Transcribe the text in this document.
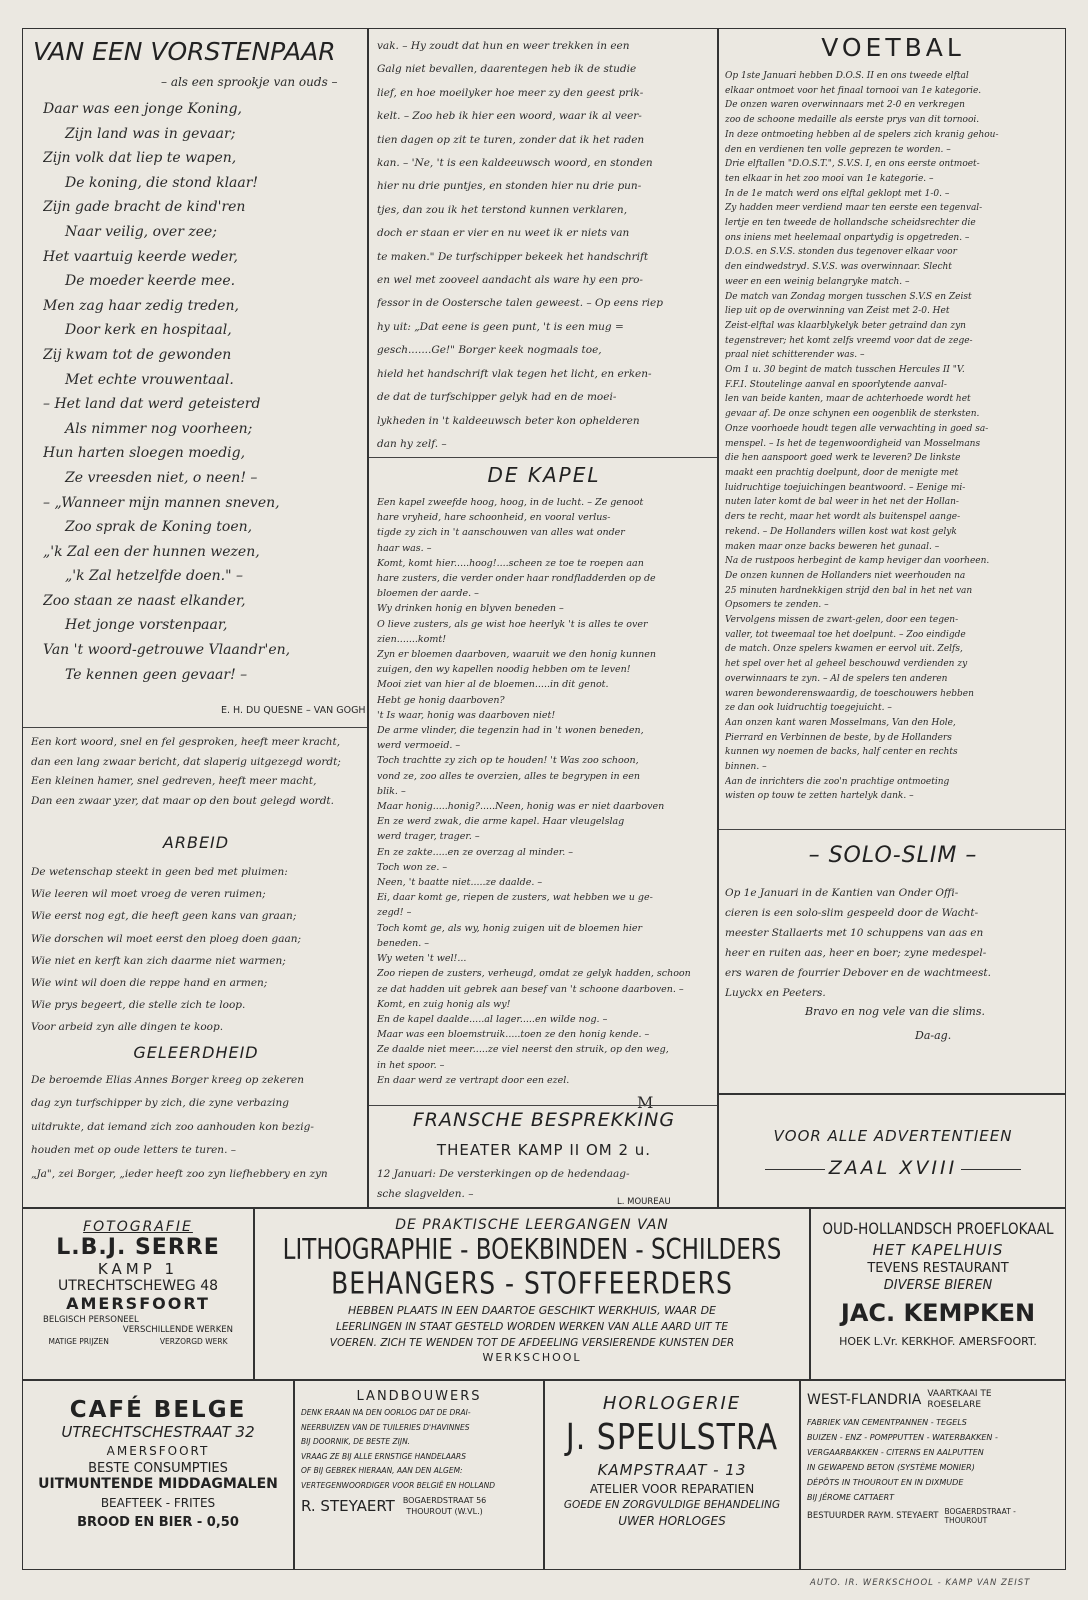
VAN EEN VORSTENPAAR
– als een sprookje van ouds –
Daar was een jonge Koning,
Zijn land was in gevaar;
Zijn volk dat liep te wapen,
De koning, die stond klaar!
Zijn gade bracht de kind'ren
Naar veilig, over zee;
Het vaartuig keerde weder,
De moeder keerde mee.
Men zag haar zedig treden,
Door kerk en hospitaal,
Zij kwam tot de gewonden
Met echte vrouwentaal.
– Het land dat werd geteisterd
Als nimmer nog voorheen;
Hun harten sloegen moedig,
Ze vreesden niet, o neen! –
– „Wanneer mijn mannen sneven,
Zoo sprak de Koning toen,
„'k Zal een der hunnen wezen,
„'k Zal hetzelfde doen." –
Zoo staan ze naast elkander,
Het jonge vorstenpaar,
Van 't woord-getrouwe Vlaandr'en,
Te kennen geen gevaar! –
E. H. DU QUESNE – VAN GOGH
Een kort woord, snel en fel gesproken, heeft meer kracht,
dan een lang zwaar bericht, dat slaperig uitgezegd wordt;
Een kleinen hamer, snel gedreven, heeft meer macht,
Dan een zwaar yzer, dat maar op den bout gelegd wordt.
ARBEID
De wetenschap steekt in geen bed met pluimen:
Wie leeren wil moet vroeg de veren ruimen;
Wie eerst nog egt, die heeft geen kans van graan;
Wie dorschen wil moet eerst den ploeg doen gaan;
Wie niet en kerft kan zich daarme niet warmen;
Wie wint wil doen die reppe hand en armen;
Wie prys begeert, die stelle zich te loop.
Voor arbeid zyn alle dingen te koop.
GELEERDHEID
De beroemde Elias Annes Borger kreeg op zekeren
dag zyn turfschipper by zich, die zyne verbazing
uitdrukte, dat iemand zich zoo aanhouden kon bezig-
houden met op oude letters te turen. –
„Ja", zei Borger, „ieder heeft zoo zyn liefhebbery en zyn
vak. – Hy zoudt dat hun en weer trekken in een
Galg niet bevallen, daarentegen heb ik de studie
lief, en hoe moeilyker hoe meer zy den geest prik-
kelt. – Zoo heb ik hier een woord, waar ik al veer-
tien dagen op zit te turen, zonder dat ik het raden
kan. – 'Ne, 't is een kaldeeuwsch woord, en stonden
hier nu drie puntjes, en stonden hier nu drie pun-
tjes, dan zou ik het terstond kunnen verklaren,
doch er staan er vier en nu weet ik er niets van
te maken." De turfschipper bekeek het handschrift
en wel met zooveel aandacht als ware hy een pro-
fessor in de Oostersche talen geweest. – Op eens riep
hy uit: „Dat eene is geen punt, 't is een mug =
gesch.......Ge!" Borger keek nogmaals toe,
hield het handschrift vlak tegen het licht, en erken-
de dat de turfschipper gelyk had en de moei-
lykheden in 't kaldeeuwsch beter kon ophelderen
dan hy zelf. –
DE KAPEL
Een kapel zweefde hoog, hoog, in de lucht. – Ze genoot
hare vryheid, hare schoonheid, en vooral verlus-
tigde zy zich in 't aanschouwen van alles wat onder
haar was. –
Komt, komt hier.....hoog!....scheen ze toe te roepen aan
hare zusters, die verder onder haar rondfladderden op de
bloemen der aarde. –
Wy drinken honig en blyven beneden –
O lieve zusters, als ge wist hoe heerlyk 't is alles te over
zien.......komt!
Zyn er bloemen daarboven, waaruit we den honig kunnen
zuigen, den wy kapellen noodig hebben om te leven!
Mooi ziet van hier al de bloemen.....in dit genot.
Hebt ge honig daarboven?
't Is waar, honig was daarboven niet!
De arme vlinder, die tegenzin had in 't wonen beneden,
werd vermoeid. –
Toch trachtte zy zich op te houden! 't Was zoo schoon,
vond ze, zoo alles te overzien, alles te begrypen in een
blik. –
Maar honig.....honig?.....Neen, honig was er niet daarboven
En ze werd zwak, die arme kapel. Haar vleugelslag
werd trager, trager. –
En ze zakte.....en ze overzag al minder. –
Toch won ze. –
Neen, 't baatte niet.....ze daalde. –
Ei, daar komt ge, riepen de zusters, wat hebben we u ge-
zegd! –
Toch komt ge, als wy, honig zuigen uit de bloemen hier
beneden. –
Wy weten 't wel!...
Zoo riepen de zusters, verheugd, omdat ze gelyk hadden, schoon
ze dat hadden uit gebrek aan besef van 't schoone daarboven. –
Komt, en zuig honig als wy!
En de kapel daalde.....al lager.....en wilde nog. –
Maar was een bloemstruik.....toen ze den honig kende. –
Ze daalde niet meer.....ze viel neerst den struik, op den weg,
in het spoor. –
En daar werd ze vertrapt door een ezel.
M
FRANSCHE BESPREKKING
THEATER KAMP II OM 2 u.
12 Januari: De versterkingen op de hedendaag-
sche slagvelden. –
L. MOUREAU
VOETBAL
Op 1ste Januari hebben D.O.S. II en ons tweede elftal
elkaar ontmoet voor het finaal tornooi van 1e kategorie.
De onzen waren overwinnaars met 2-0 en verkregen
zoo de schoone medaille als eerste prys van dit tornooi.
In deze ontmoeting hebben al de spelers zich kranig gehou-
den en verdienen ten volle geprezen te worden. –
Drie elftallen "D.O.S.T.", S.V.S. I, en ons eerste ontmoet-
ten elkaar in het zoo mooi van 1e kategorie. –
In de 1e match werd ons elftal geklopt met 1-0. –
Zy hadden meer verdiend maar ten eerste een tegenval-
lertje en ten tweede de hollandsche scheidsrechter die
ons iniens met heelemaal onpartydig is opgetreden. –
D.O.S. en S.V.S. stonden dus tegenover elkaar voor
den eindwedstryd. S.V.S. was overwinnaar. Slecht
weer en een weinig belangryke match. –
De match van Zondag morgen tusschen S.V.S en Zeist
liep uit op de overwinning van Zeist met 2-0. Het
Zeist-elftal was klaarblykelyk beter getraind dan zyn
tegenstrever; het komt zelfs vreemd voor dat de zege-
praal niet schitterender was. –
Om 1 u. 30 begint de match tusschen Hercules II "V.
F.F.I. Stoutelinge aanval en spoorlytende aanval-
len van beide kanten, maar de achterhoede wordt het
gevaar af. De onze schynen een oogenblik de sterksten.
Onze voorhoede houdt tegen alle verwachting in goed sa-
menspel. – Is het de tegenwoordigheid van Mosselmans
die hen aanspoort goed werk te leveren? De linkste
maakt een prachtig doelpunt, door de menigte met
luidruchtige toejuichingen beantwoord. – Eenige mi-
nuten later komt de bal weer in het net der Hollan-
ders te recht, maar het wordt als buitenspel aange-
rekend. – De Hollanders willen kost wat kost gelyk
maken maar onze backs beweren het gunaal. –
Na de rustpoos herbegint de kamp heviger dan voorheen.
De onzen kunnen de Hollanders niet weerhouden na
25 minuten hardnekkigen strijd den bal in het net van
Opsomers te zenden. –
Vervolgens missen de zwart-gelen, door een tegen-
valler, tot tweemaal toe het doelpunt. – Zoo eindigde
de match. Onze spelers kwamen er eervol uit. Zelfs,
het spel over het al geheel beschouwd verdienden zy
overwinnaars te zyn. – Al de spelers ten anderen
waren bewonderenswaardig, de toeschouwers hebben
ze dan ook luidruchtig toegejuicht. –
Aan onzen kant waren Mosselmans, Van den Hole,
Pierrard en Verbinnen de beste, by de Hollanders
kunnen wy noemen de backs, half center en rechts
binnen. –
Aan de inrichters die zoo'n prachtige ontmoeting
wisten op touw te zetten hartelyk dank. –
– SOLO-SLIM –
Op 1e Januari in de Kantien van Onder Offi-
cieren is een solo-slim gespeeld door de Wacht-
meester Stallaerts met 10 schuppens van aas en
heer en ruiten aas, heer en boer; zyne medespel-
ers waren de fourrier Debover en de wachtmeest.
Luyckx en Peeters.
Bravo en nog vele van die slims.
Da-ag.
VOOR ALLE ADVERTENTIEEN
ZAAL XVIII
FOTOGRAFIE
L.B.J. SERRE
KAMP 1
UTRECHTSCHEWEG 48
AMERSFOORT
BELGISCH PERSONEEL
VERSCHILLENDE WERKEN
MATIGE PRIJZEN	VERZORGD WERK
DE PRAKTISCHE LEERGANGEN VAN
LITHOGRAPHIE - BOEKBINDEN - SCHILDERS
BEHANGERS - STOFFEERDERS
HEBBEN PLAATS IN EEN DAARTOE GESCHIKT WERKHUIS, WAAR DE
LEERLINGEN IN STAAT GESTELD WORDEN WERKEN VAN ALLE AARD UIT TE
VOEREN. ZICH TE WENDEN TOT DE AFDEELING VERSIERENDE KUNSTEN DER
WERKSCHOOL
OUD-HOLLANDSCH PROEFLOKAAL
HET KAPELHUIS
TEVENS RESTAURANT
DIVERSE BIEREN
JAC. KEMPKEN
HOEK L.Vr. KERKHOF. AMERSFOORT.
CAFÉ BELGE
UTRECHTSCHESTRAAT 32
AMERSFOORT
BESTE CONSUMPTIES
UITMUNTENDE MIDDAGMALEN
BEAFTEEK - FRITES
BROOD EN BIER - 0,50
LANDBOUWERS
DENK ERAAN NA DEN OORLOG DAT DE DRAI-
NEERBUIZEN VAN DE TUILERIES D'HAVINNES
BIJ DOORNIK, DE BESTE ZIJN.
VRAAG ZE BIJ ALLE ERNSTIGE HANDELAARS
OF BIJ GEBREK HIERAAN, AAN DEN ALGEM:
VERTEGENWOORDIGER VOOR BELGIË EN HOLLAND
R. STEYAERT BOGAERDSTRAAT 56
THOUROUT (W.VL.)
HORLOGERIE
J. SPEULSTRA
KAMPSTRAAT - 13
ATELIER VOOR REPARATIEN
GOEDE EN ZORGVULDIGE BEHANDELING
UWER HORLOGES
WEST-FLANDRIA VAARTKAAI TE ROESELARE
FABRIEK VAN CEMENTPANNEN - TEGELS
BUIZEN - ENZ - POMPPUTTEN - WATERBAKKEN -
VERGAARBAKKEN - CITERNS EN AALPUTTEN
IN GEWAPEND BETON (SYSTÈME MONIER)
DÉPÔTS IN THOUROUT EN IN DIXMUDE
BIJ JÉROME CATTAERT
BESTUURDER RAYM. STEYAERT BOGAERDSTRAAT - THOUROUT
AUTO. IR. WERKSCHOOL - KAMP VAN ZEIST
